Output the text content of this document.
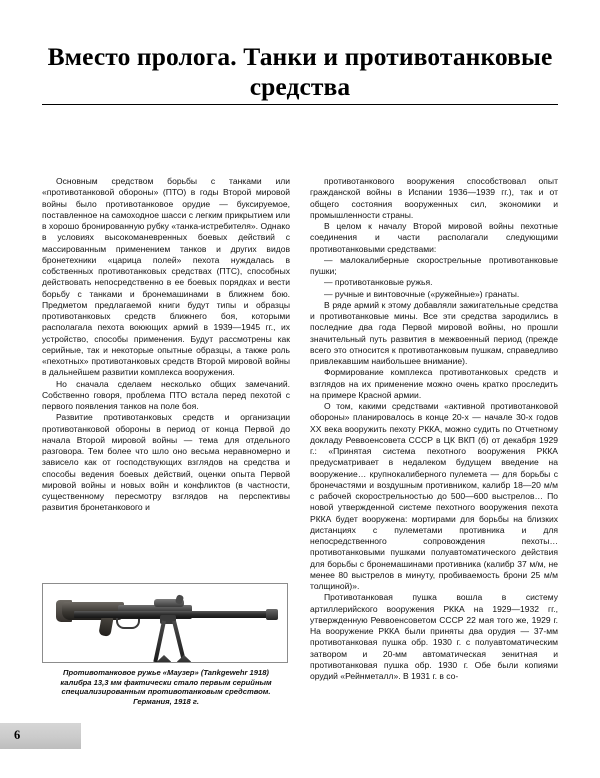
Вместо пролога. Танки и противотанковые
средства

Основным средством борьбы с танками или «противотанковой обороны» (ПТО) в годы Второй мировой войны было противотанковое орудие — буксируемое, поставленное на самоходное шасси с легким прикрытием или в хорошо бронированную рубку «танка-истребителя». Однако в условиях высокоманевренных боевых действий с массированным применением танков и других видов бронетехники «царица полей» пехота нуждалась в собственных противотанковых средствах (ПТС), способных действовать непосредственно в ее боевых порядках и вести борьбу с танками и бронемашинами в ближнем бою. Предметом предлагаемой книги будут типы и образцы противотанковых средств ближнего боя, которыми располагала пехота воюющих армий в 1939—1945 гг., их устройство, способы применения. Будут рассмотрены как серийные, так и некоторые опытные образцы, а также роль «пехотных» противотанковых средств Второй мировой войны в дальнейшем развитии комплекса вооружения.

Но сначала сделаем несколько общих замечаний. Собственно говоря, проблема ПТО встала перед пехотой с первого появления танков на поле боя.

Развитие противотанковых средств и организации противотанковой обороны в период от конца Первой до начала Второй мировой войны — тема для отдельного разговора. Тем более что шло оно весьма неравномерно и зависело как от господствующих взглядов на средства и способы ведения боевых действий, оценки опыта Первой мировой войны и новых войн и конфликтов (в частности, существенному пересмотру взглядов на перспективы развития бронетанкового и

противотанкового вооружения способствовал опыт гражданской войны в Испании 1936—1939 гг.), так и от общего состояния вооруженных сил, экономики и промышленности страны.

В целом к началу Второй мировой войны пехотные соединения и части располагали следующими противотанковыми средствами:

— малокалиберные скорострельные противотанковые пушки;

— противотанковые ружья.

— ручные и винтовочные («ружейные») гранаты.

В ряде армий к этому добавляли зажигательные средства и противотанковые мины. Все эти средства зародились в последние два года Первой мировой войны, но прошли значительный путь развития в межвоенный период (прежде всего это относится к противотанковым пушкам, справедливо привлекавшим наибольшее внимание).

Формирование комплекса противотанковых средств и взглядов на их применение можно очень кратко проследить на примере Красной армии.

О том, какими средствами «активной противотанковой обороны» планировалось в конце 20-х — начале 30-х годов XX века вооружить пехоту РККА, можно судить по Отчетному докладу Реввоенсовета СССР в ЦК ВКП (б) от декабря 1929 г.: «Принятая система пехотного вооружения РККА предусматривает в недалеком будущем введение на вооружение… крупнокалиберного пулемета — для борьбы с бронечастями и воздушным противником, калибр 18—20 м/м с рабочей скорострельностью до 500—600 выстрелов… По новой утвержденной системе пехотного вооружения пехота РККА будет вооружена: мортирами для борьбы на близких дистанциях с пулеметами противника и для непосредственного сопровождения пехоты… противотанковыми пушками полуавтоматического действия для борьбы с бронемашинами противника (калибр 37 м/м, не менее 80 выстрелов в минуту, пробиваемость брони 25 м/м толщиной)».

Противотанковая пушка вошла в систему артиллерийского вооружения РККА на 1929—1932 гг., утвержденную Реввоенсоветом СССР 22 мая того же, 1929 г. На вооружение РККА были приняты два орудия — 37-мм противотанковая пушка обр. 1930 г. с полуавтоматическим затвором и 20-мм автоматическая зенитная и противотанковая пушка обр. 1930 г. Обе были копиями орудий «Рейнметалл». В 1931 г. в со-

Противотанковое ружье «Маузер» (Tankgewehr 1918)
калибра 13,3 мм фактически стало первым серийным
специализированным противотанковым средством.
Германия, 1918 г.
6
